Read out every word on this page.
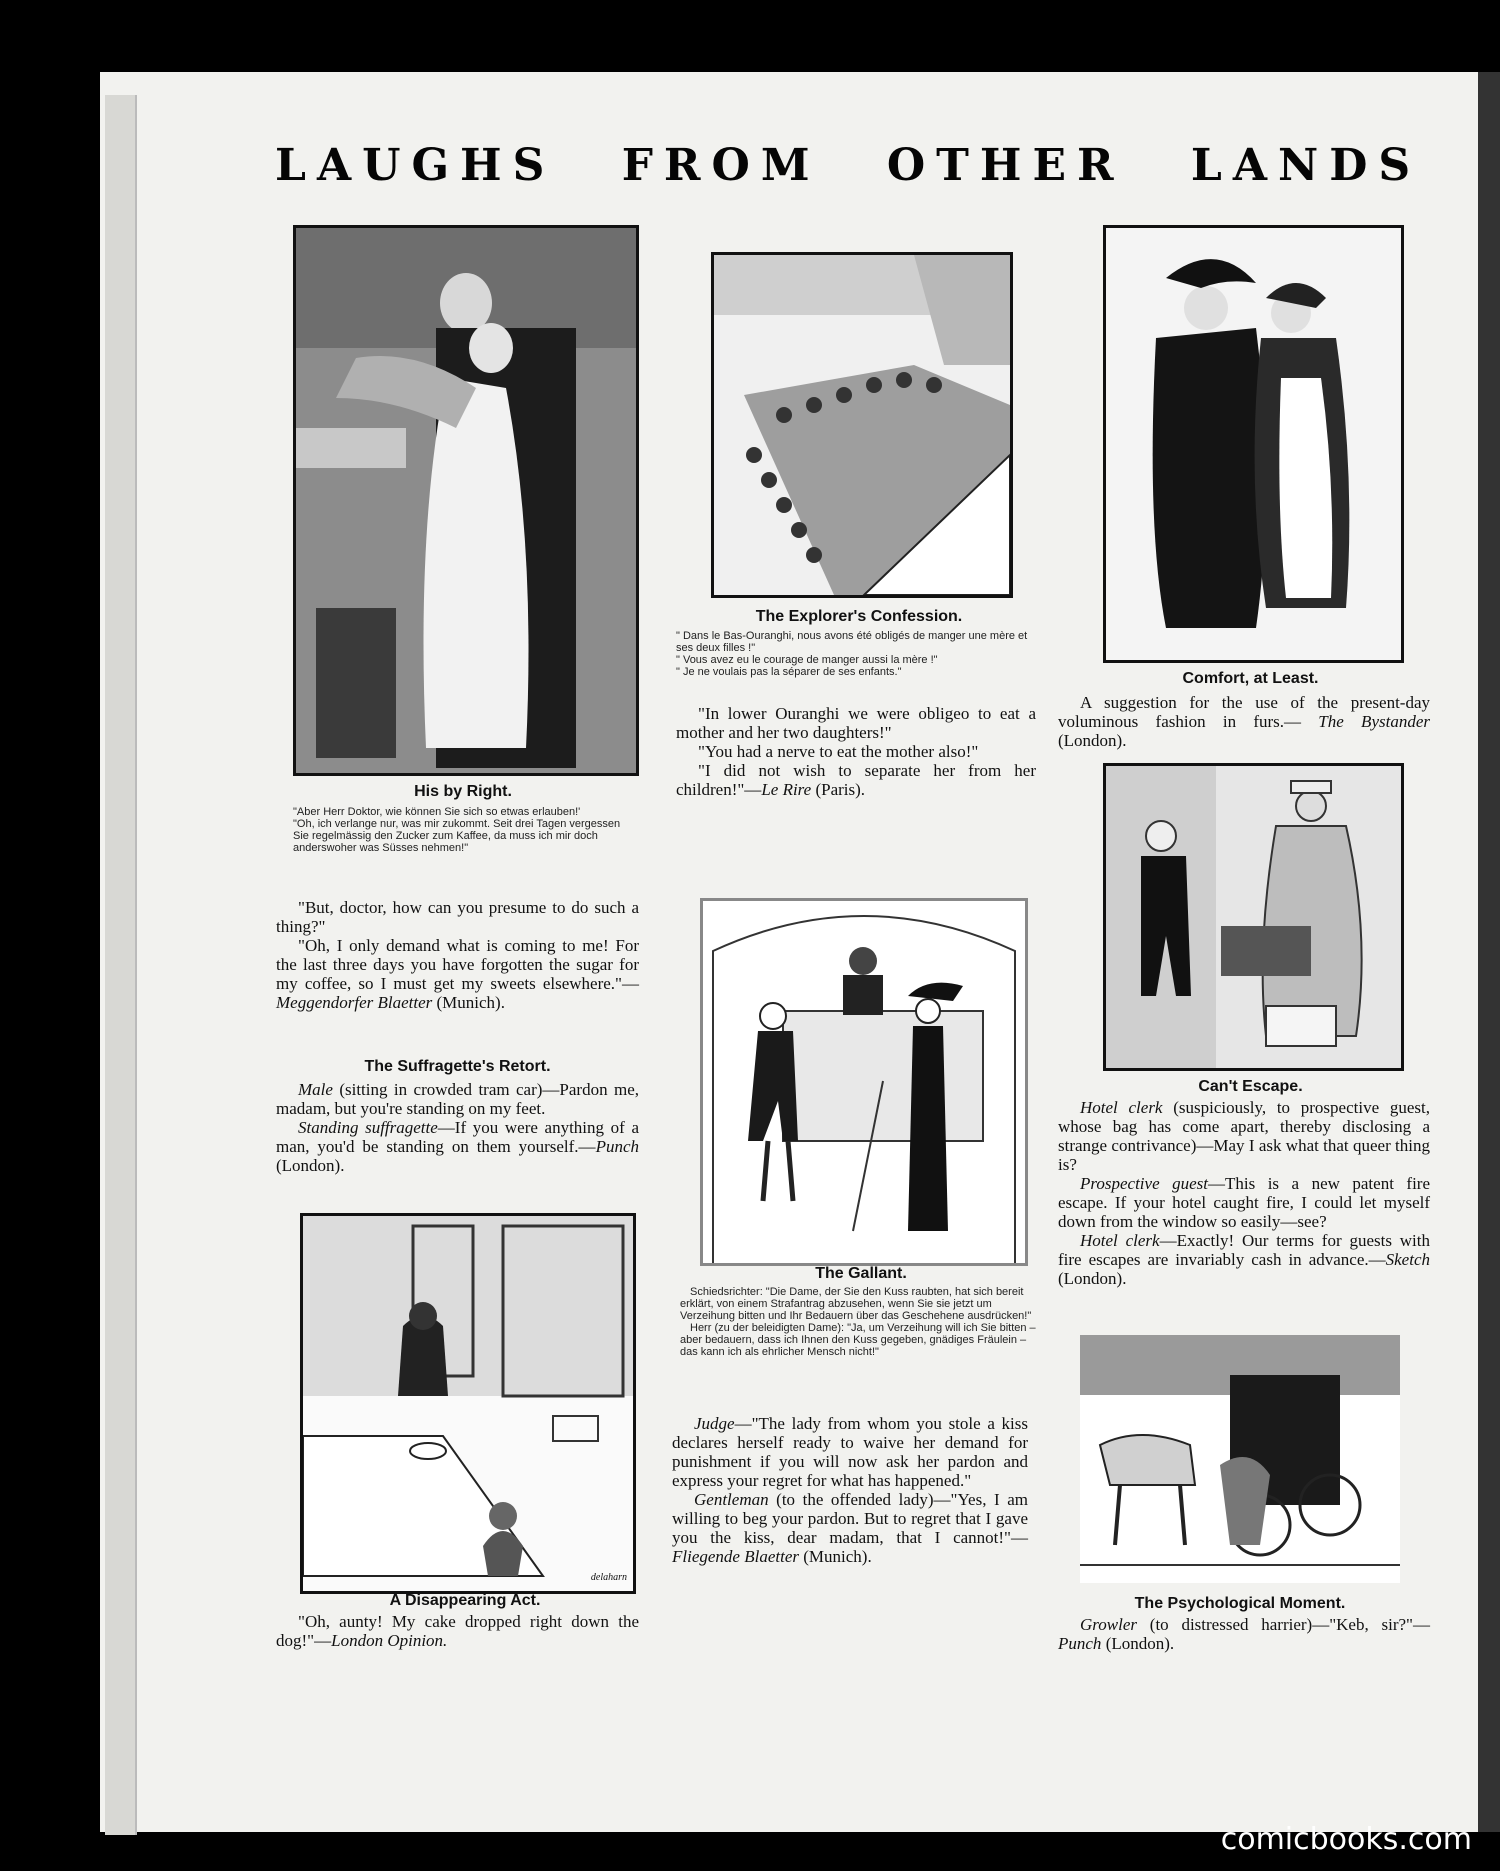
LAUGHS FROM OTHER LANDS
His by Right.

"Aber Herr Doktor, wie können Sie sich so etwas erlauben!'

"Oh, ich verlange nur, was mir zukommt. Seit drei Tagen vergessen Sie regelmässig den Zucker zum Kaffee, da muss ich mir doch anderswoher was Süsses nehmen!"

"But, doctor, how can you presume to do such a thing?"

"Oh, I only demand what is coming to me! For the last three days you have forgotten the sugar for my coffee, so I must get my sweets elsewhere."— Meggendorfer Blaetter (Munich).

The Suffragette's Retort.

Male (sitting in crowded tram car)—Pardon me, madam, but you're standing on my feet.

Standing suffragette—If you were anything of a man, you'd be standing on them yourself.—Punch (London).

delaharn
A Disappearing Act.

"Oh, aunty! My cake dropped right down the dog!"—London Opinion.

The Explorer's Confession.

" Dans le Bas-Ouranghi, nous avons été obligés de manger une mère et ses deux filles !"

" Vous avez eu le courage de manger aussi la mère !"

" Je ne voulais pas la séparer de ses enfants."

"In lower Ouranghi we were obligeo to eat a mother and her two daughters!"

"You had a nerve to eat the mother also!"

"I did not wish to separate her from her children!"—Le Rire (Paris).

The Gallant.

Schiedsrichter: "Die Dame, der Sie den Kuss raubten, hat sich bereit erklärt, von einem Strafantrag abzusehen, wenn Sie sie jetzt um Verzeihung bitten und Ihr Bedauern über das Geschehene ausdrücken!"

Herr (zu der beleidigten Dame): "Ja, um Verzeihung will ich Sie bitten – aber bedauern, dass ich Ihnen den Kuss gegeben, gnädiges Fräulein – das kann ich als ehrlicher Mensch nicht!"

Judge—"The lady from whom you stole a kiss declares herself ready to waive her demand for punishment if you will now ask her pardon and express your regret for what has happened."

Gentleman (to the offended lady)—"Yes, I am willing to beg your pardon. But to regret that I gave you the kiss, dear madam, that I cannot!"— Fliegende Blaetter (Munich).

Comfort, at Least.

A suggestion for the use of the present-day voluminous fashion in furs.— The Bystander (London).

Can't Escape.

Hotel clerk (suspiciously, to prospective guest, whose bag has come apart, thereby disclosing a strange contrivance)—May I ask what that queer thing is?

Prospective guest—This is a new patent fire escape. If your hotel caught fire, I could let myself down from the window so easily—see?

Hotel clerk—Exactly! Our terms for guests with fire escapes are invariably cash in advance.—Sketch (London).

The Psychological Moment.

Growler (to distressed harrier)—"Keb, sir?"—Punch (London).

comicbooks.com
